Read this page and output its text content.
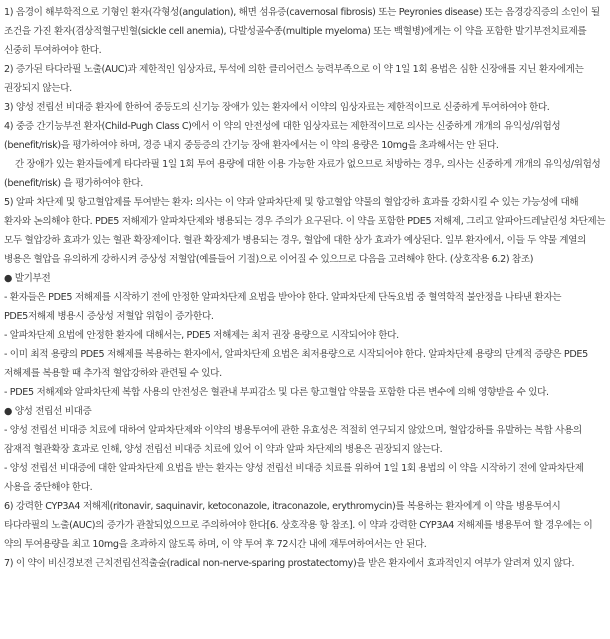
1) 음경이 해부학적으로 기형인 환자(각형성(angulation), 해면 섬유증(cavernosal fibrosis) 또는 Peyronies disease) 또는 음경강직증의 소인이 될 조건을 가진 환자(겸상적혈구빈혈(sickle cell anemia), 다발성골수종(multiple myeloma) 또는 백혈병)에게는 이 약을 포함한 발기부전치료제를 신중히 투여하여야 한다.

2) 증가된 타다라필 노출(AUC)과 제한적인 임상자료, 투석에 의한 클리어런스 능력부족으로 이 약 1일 1회 용법은 심한 신장애를 지닌 환자에게는 권장되지 않는다.

3) 양성 전립선 비대증 환자에 한하여 중등도의 신기능 장애가 있는 환자에서 이약의 임상자료는 제한적이므로 신중하게 투여하여야 한다.

4) 중증 간기능부전 환자(Child-Pugh Class C)에서 이 약의 안전성에 대한 임상자료는 제한적이므로 의사는 신중하게 개개의 유익성/위험성(benefit/risk)을 평가하여야 하며, 경증 내지 중등증의 간기능 장애 환자에서는 이 약의 용량은 10mg을 초과해서는 안 된다.

간 장애가 있는 환자들에게 타다라필 1일 1회 투여 용량에 대한 이용 가능한 자료가 없으므로 처방하는 경우, 의사는 신중하게 개개의 유익성/위험성(benefit/risk) 을 평가하여야 한다.

5) 알파 차단제 및 항고혈압제를 투여받는 환자: 의사는 이 약과 알파차단제 및 항고혈압 약물의 혈압강하 효과를 강화시킬 수 있는 가능성에 대해 환자와 논의해야 한다. PDE5 저해제가 알파차단제와 병용되는 경우 주의가 요구된다. 이 약을 포함한 PDE5 저해제, 그리고 알파아드레날린성 차단제는 모두 혈압강하 효과가 있는 혈관 확장제이다. 혈관 확장제가 병용되는 경우, 혈압에 대한 상가 효과가 예상된다. 일부 환자에서, 이들 두 약물 계열의 병용은 혈압을 유의하게 강하시켜 증상성 저혈압(예를들어 기절)으로 이어질 수 있으므로 다음을 고려해야 한다. (상호작용 6.2) 참조)

● 발기부전

- 환자들은 PDE5 저해제를 시작하기 전에 안정한 알파차단제 요법을 받아야 한다. 알파차단제 단독요법 중 혈역학적 불안정을 나타낸 환자는 PDE5저해제 병용시 증상성 저혈압 위험이 증가한다.

- 알파차단제 요법에 안정한 환자에 대해서는, PDE5 저해제는 최저 권장 용량으로 시작되어야 한다.

- 이미 최적 용량의 PDE5 저해제를 복용하는 환자에서, 알파차단제 요법은 최저용량으로 시작되어야 한다. 알파차단제 용량의 단계적 증량은 PDE5 저해제를 복용할 때 추가적 혈압강하와 관련될 수 있다.

- PDE5 저해제와 알파차단제 복합 사용의 안전성은 혈관내 부피감소 및 다른 항고혈압 약물을 포함한 다른 변수에 의해 영향받을 수 있다.

● 양성 전립선 비대증

- 양성 전립선 비대증 치료에 대하여 알파차단제와 이약의 병용투여에 관한 유효성은 적절히 연구되지 않았으며, 혈압강하를 유발하는 복합 사용의 잠재적 혈관확장 효과로 인해, 양성 전립선 비대증 치료에 있어 이 약과 알파 차단제의 병용은 권장되지 않는다.

- 양성 전립선 비대증에 대한 알파차단제 요법을 받는 환자는 양성 전립선 비대증 치료를 위하여 1일 1회 용법의 이 약을 시작하기 전에 알파차단제 사용을 중단해야 한다.

6) 강력한 CYP3A4 저해제(ritonavir, saquinavir, ketoconazole, itraconazole, erythromycin)를 복용하는 환자에게 이 약을 병용투여시 타다라필의 노출(AUC)의 증가가 관찰되었으므로 주의하여야 한다[6. 상호작용 항 참조]. 이 약과 강력한 CYP3A4 저해제를 병용투여 할 경우에는 이 약의 투여용량을 최고 10mg을 초과하지 않도록 하며, 이 약 투여 후 72시간 내에 재투여하여서는 안 된다.

7) 이 약이 비신경보전 근치전립선적출술(radical non-nerve-sparing prostatectomy)을 받은 환자에서 효과적인지 여부가 알려져 있지 않다.
